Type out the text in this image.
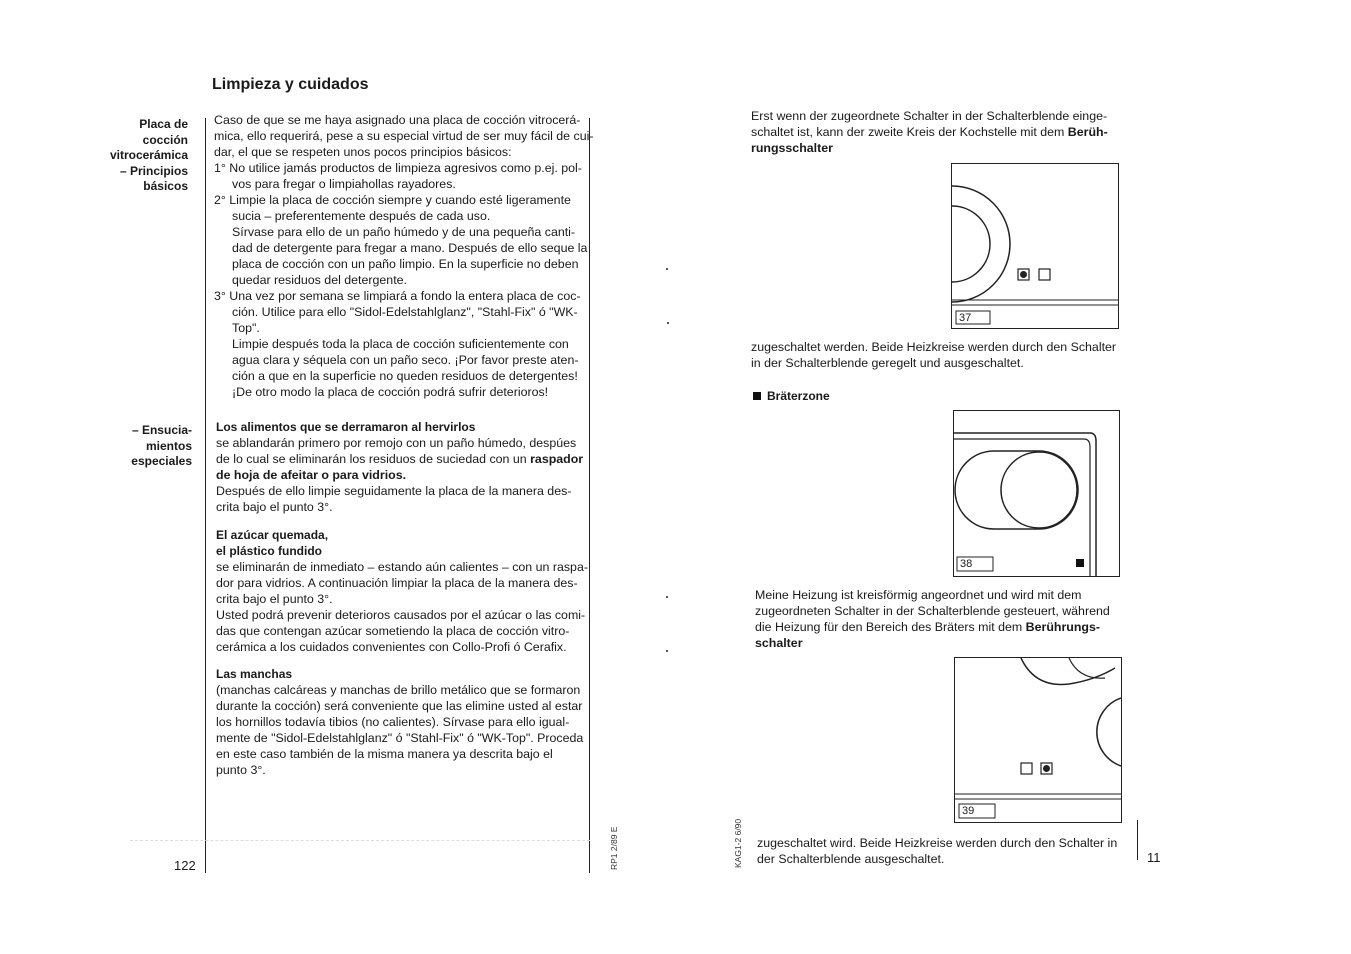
Limpieza y cuidados
Placa de
cocción
vitrocerámica
– Principios
básicos
– Ensucia-
mientos
especiales
Caso de que se me haya asignado una placa de cocción vitrocerá-
mica, ello requerirá, pese a su especial virtud de ser muy fácil de cui-
dar, el que se respeten unos pocos principios básicos:
1° No utilice jamás productos de limpieza agresivos como p.ej. pol-
vos para fregar o limpiahollas rayadores.
2° Limpie la placa de cocción siempre y cuando esté ligeramente
sucia – preferentemente después de cada uso.
Sírvase para ello de un paño húmedo y de una pequeña canti-
dad de detergente para fregar a mano. Después de ello seque la
placa de cocción con un paño limpio. En la superficie no deben
quedar residuos del detergente.
3° Una vez por semana se limpiará a fondo la entera placa de coc-
ción. Utilice para ello "Sidol-Edelstahlglanz", "Stahl-Fix" ó "WK-
Top".
Limpie después toda la placa de cocción suficientemente con
agua clara y séquela con un paño seco. ¡Por favor preste aten-
ción a que en la superficie no queden residuos de detergentes!
¡De otro modo la placa de cocción podrá sufrir deterioros!
Los alimentos que se derramaron al hervirlos
se ablandarán primero por remojo con un paño húmedo, despúes
de lo cual se eliminarán los residuos de suciedad con un raspador
de hoja de afeitar o para vidrios.
Después de ello limpie seguidamente la placa de la manera des-
crita bajo el punto 3°.
El azúcar quemada,
el plástico fundido
se eliminarán de inmediato – estando aún calientes – con un raspa-
dor para vidrios. A continuación limpiar la placa de la manera des-
crita bajo el punto 3°.
Usted podrá prevenir deterioros causados por el azúcar o las comi-
das que contengan azúcar sometiendo la placa de cocción vitro-
cerámica a los cuidados convenientes con Collo-Profi ó Cerafix.
Las manchas
(manchas calcáreas y manchas de brillo metálico que se formaron
durante la cocción) será conveniente que las elimine usted al estar
los hornillos todavía tibios (no calientes). Sírvase para ello igual-
mente de "Sidol-Edelstahlglanz" ó "Stahl-Fix" ó "WK-Top". Proceda
en este caso también de la misma manera ya descrita bajo el
punto 3°.
122	RP1 2/89 E
Erst wenn der zugeordnete Schalter in der Schalterblende einge-
schaltet ist, kann der zweite Kreis der Kochstelle mit dem Berüh-
rungsschalter
37
zugeschaltet werden. Beide Heizkreise werden durch den Schalter
in der Schalterblende geregelt und ausgeschaltet.
Bräterzone
38
Meine Heizung ist kreisförmig angeordnet und wird mit dem
zugeordneten Schalter in der Schalterblende gesteuert, während
die Heizung für den Bereich des Bräters mit dem Berührungs-
schalter
39
zugeschaltet wird. Beide Heizkreise werden durch den Schalter in
der Schalterblende ausgeschaltet.	11
KAG1-2 6/90
